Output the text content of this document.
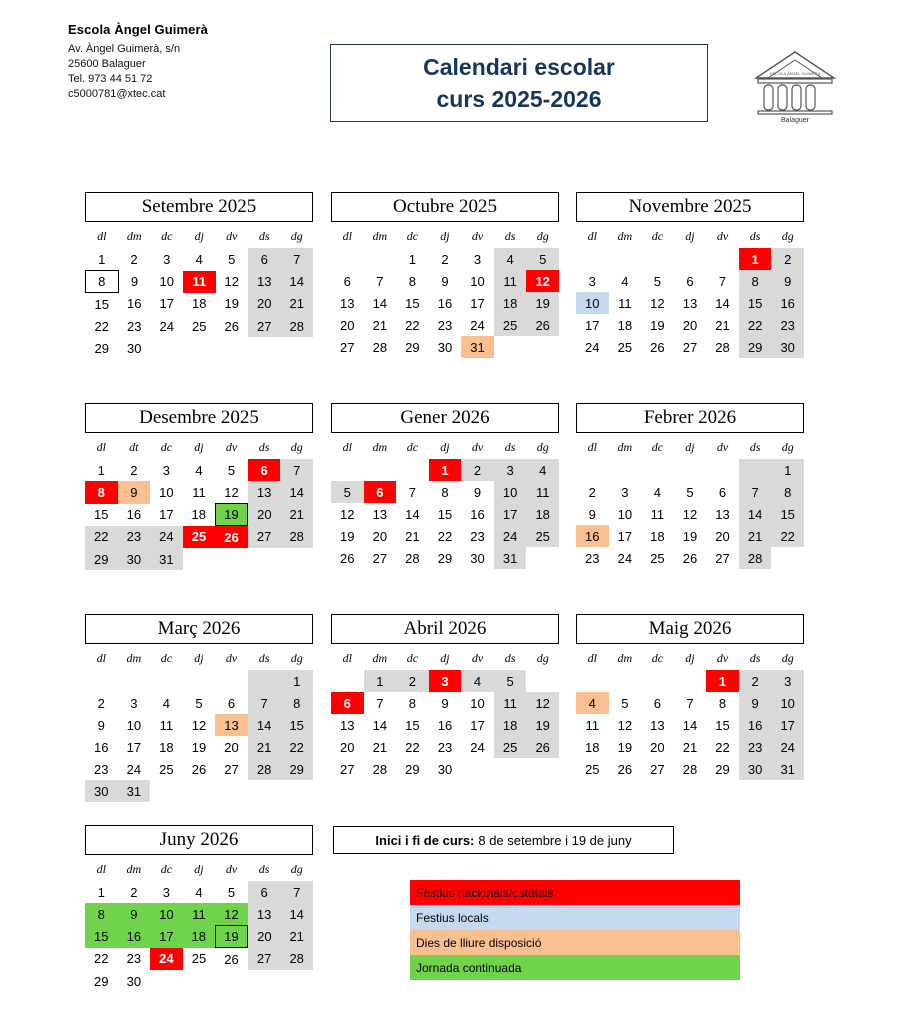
Escola Àngel Guimerà
Av. Àngel Guimerà, s/n
25600 Balaguer
Tel. 973 44 51 72
c5000781@xtec.cat
Calendari escolar
curs 2025-2026
ESCOLA ÀNGEL GUIMERÀ
Balaguer
Setembre 2025
dl	dm	dc	dj	dv	ds	dg
1	2	3	4	5	6	7
8	9	10	11	12	13	14
15	16	17	18	19	20	21
22	23	24	25	26	27	28
29	30					
Octubre 2025
dl	dm	dc	dj	dv	ds	dg
		1	2	3	4	5
6	7	8	9	10	11	12
13	14	15	16	17	18	19
20	21	22	23	24	25	26
27	28	29	30	31		
Novembre 2025
dl	dm	dc	dj	dv	ds	dg
					1	2
3	4	5	6	7	8	9
10	11	12	13	14	15	16
17	18	19	20	21	22	23
24	25	26	27	28	29	30
Desembre 2025
dl	dt	dc	dj	dv	ds	dg
1	2	3	4	5	6	7
8	9	10	11	12	13	14
15	16	17	18	19	20	21
22	23	24	25	26	27	28
29	30	31				
Gener 2026
dl	dm	dc	dj	dv	ds	dg
			1	2	3	4
5	6	7	8	9	10	11
12	13	14	15	16	17	18
19	20	21	22	23	24	25
26	27	28	29	30	31	
Febrer 2026
dl	dm	dc	dj	dv	ds	dg
						1
2	3	4	5	6	7	8
9	10	11	12	13	14	15
16	17	18	19	20	21	22
23	24	25	26	27	28	
Març 2026
dl	dm	dc	dj	dv	ds	dg
						1
2	3	4	5	6	7	8
9	10	11	12	13	14	15
16	17	18	19	20	21	22
23	24	25	26	27	28	29
30	31					
Abril 2026
dl	dm	dc	dj	dv	ds	dg
	1	2	3	4	5	
6	7	8	9	10	11	12
13	14	15	16	17	18	19
20	21	22	23	24	25	26
27	28	29	30			
Maig 2026
dl	dm	dc	dj	dv	ds	dg
				1	2	3
4	5	6	7	8	9	10
11	12	13	14	15	16	17
18	19	20	21	22	23	24
25	26	27	28	29	30	31
Juny 2026
dl	dm	dc	dj	dv	ds	dg
1	2	3	4	5	6	7
8	9	10	11	12	13	14
15	16	17	18	19	20	21
22	23	24	25	26	27	28
29	30					
Inici i fi de curs: 8 de setembre i 19 de juny
Festius nacionals/estatals
Festius locals
Dies de lliure disposició
Jornada continuada
